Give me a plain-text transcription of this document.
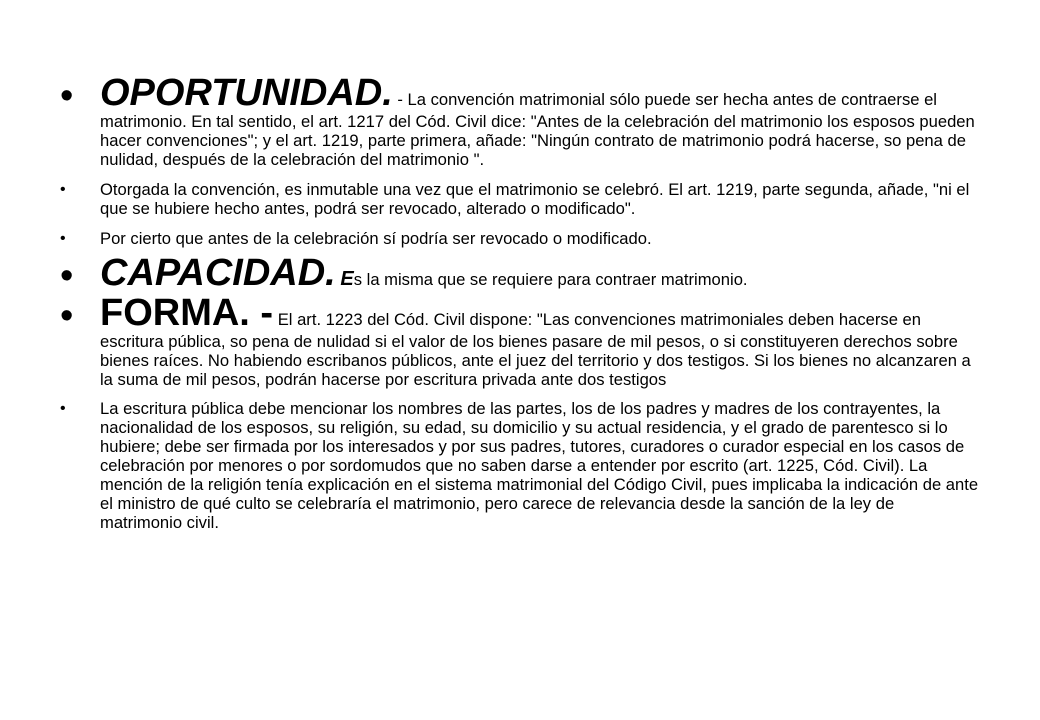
• OPORTUNIDAD. - La convención matrimonial sólo puede ser hecha antes de contraerse el matrimonio. En tal sentido, el art. 1217 del Cód. Civil dice: "Antes de la celebración del matrimonio los esposos pueden hacer convenciones"; y el art. 1219, parte primera, añade: "Ningún contrato de matrimonio podrá hacerse, so pena de nulidad, después de la celebración del matrimonio ".
• Otorgada la convención, es inmutable una vez que el matrimonio se celebró. El art. 1219, parte segunda, añade, "ni el que se hubiere hecho antes, podrá ser revocado, alterado o modificado".
• Por cierto que antes de la celebración sí podría ser revocado o modificado.
• CAPACIDAD. Es la misma que se requiere para contraer matrimonio.
• FORMA. - El art. 1223 del Cód. Civil dispone: "Las convenciones matrimoniales deben hacerse en escritura pública, so pena de nulidad si el valor de los bienes pasare de mil pesos, o si constituyeren derechos sobre bienes raíces. No habiendo escribanos públicos, ante el juez del territorio y dos testigos. Si los bienes no alcanzaren a la suma de mil pesos, podrán hacerse por escritura privada ante dos testigos
• La escritura pública debe mencionar los nombres de las partes, los de los padres y madres de los contrayentes, la nacionalidad de los esposos, su religión, su edad, su domicilio y su actual residencia, y el grado de parentesco si lo hubiere; debe ser firmada por los interesados y por sus padres, tutores, curadores o curador especial en los casos de celebración por menores o por sordomudos que no saben darse a entender por escrito (art. 1225, Cód. Civil). La mención de la religión tenía explicación en el sistema matrimonial del Código Civil, pues implicaba la indicación de ante el ministro de qué culto se celebraría el matrimonio, pero carece de relevancia desde la sanción de la ley de matrimonio civil.
